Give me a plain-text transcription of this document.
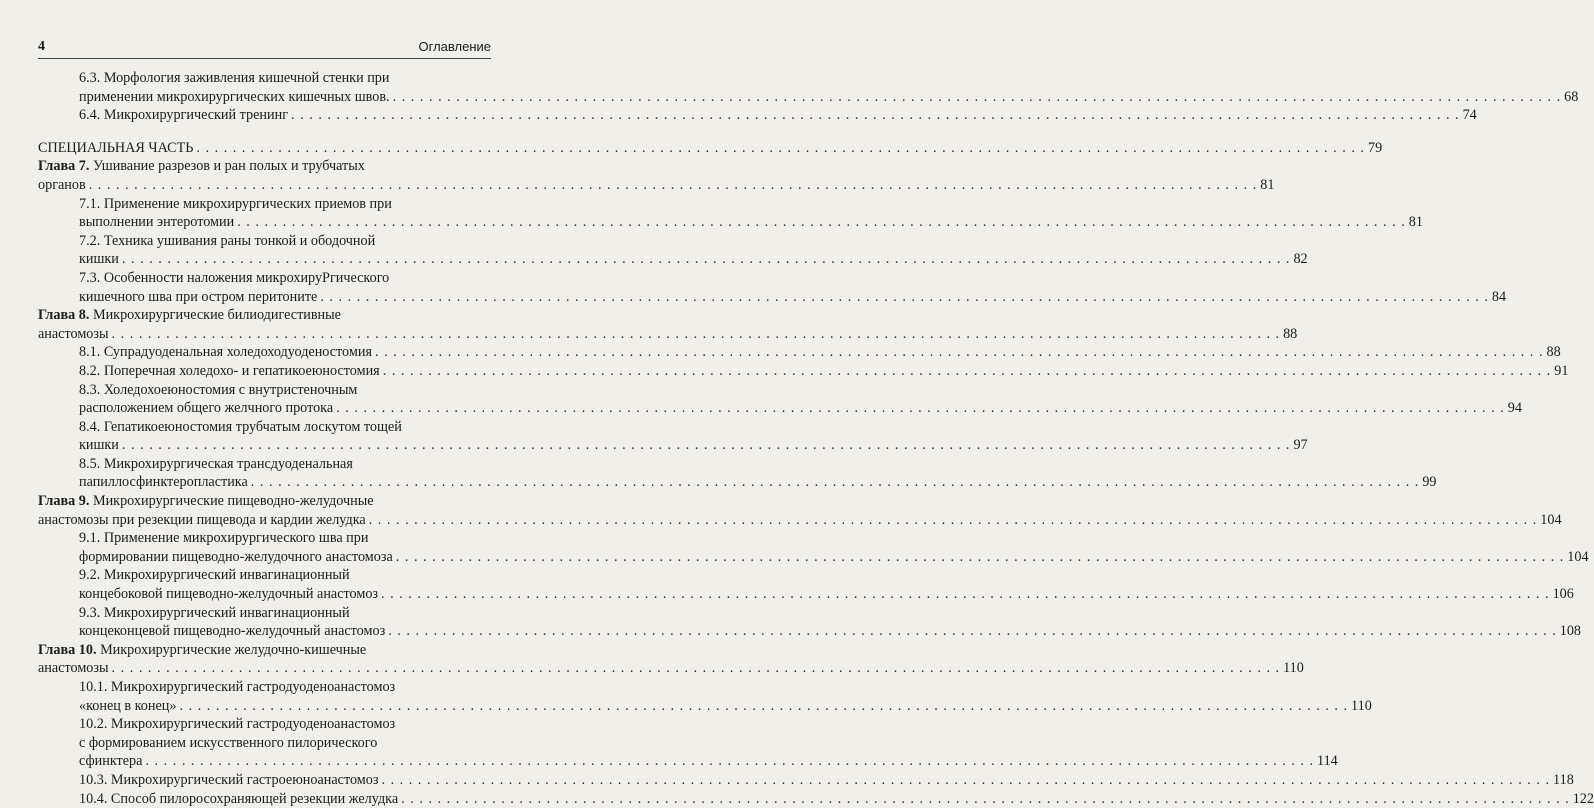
4	Оглавление
6.3. Морфология заживления кишечной стенки при
применении микрохирургических кишечных швов. . . .	68
6.4. Микрохирургический тренинг . . .	74
СПЕЦИАЛЬНАЯ ЧАСТЬ . . .	79
Глава 7. Ушивание разрезов и ран полых и трубчатых
органов . . .	81
7.1. Применение микрохирургических приемов при
выполнении энтеротомии . . .	81
7.2. Техника ушивания раны тонкой и ободочной
кишки . . .	82
7.3. Особенности наложения микрохируРгического
кишечного шва при остром перитоните . . .	84
Глава 8. Микрохирургические билиодигестивные
анастомозы . . .	88
8.1. Супрадуоденальная холедоходуоденостомия . . .	88
8.2. Поперечная холедохо- и гепатикоеюностомия . . .	91
8.3. Холедохоеюностомия с внутристеночным
расположением общего желчного протока . . .	94
8.4. Гепатикоеюностомия трубчатым лоскутом тощей
кишки . . .	97
8.5. Микрохирургическая трансдуоденальная
папиллосфинктеропластика . . .	99
Глава 9. Микрохирургические пищеводно-желудочные
анастомозы при резекции пищевода и кардии желудка . . .	104
9.1. Применение микрохирургического шва при
формировании пищеводно-желудочного анастомоза . . .	104
9.2. Микрохирургический инвагинационный
концебоковой пищеводно-желудочный анастомоз . . .	106
9.3. Микрохирургический инвагинационный
концеконцевой пищеводно-желудочный анастомоз . . .	108
Глава 10. Микрохирургические желудочно-кишечные
анастомозы . . .	110
10.1. Микрохирургический гастродуоденоанастомоз
«конец в конец» . . .	110
10.2. Микрохирургический гастродуоденоанастомоз
с формированием искусственного пилорического
сфинктера . . .	114
10.3. Микрохирургический гастроеюноанастомоз . . .	118
10.4. Способ пилоросохраняющей резекции желудка . . .	122
